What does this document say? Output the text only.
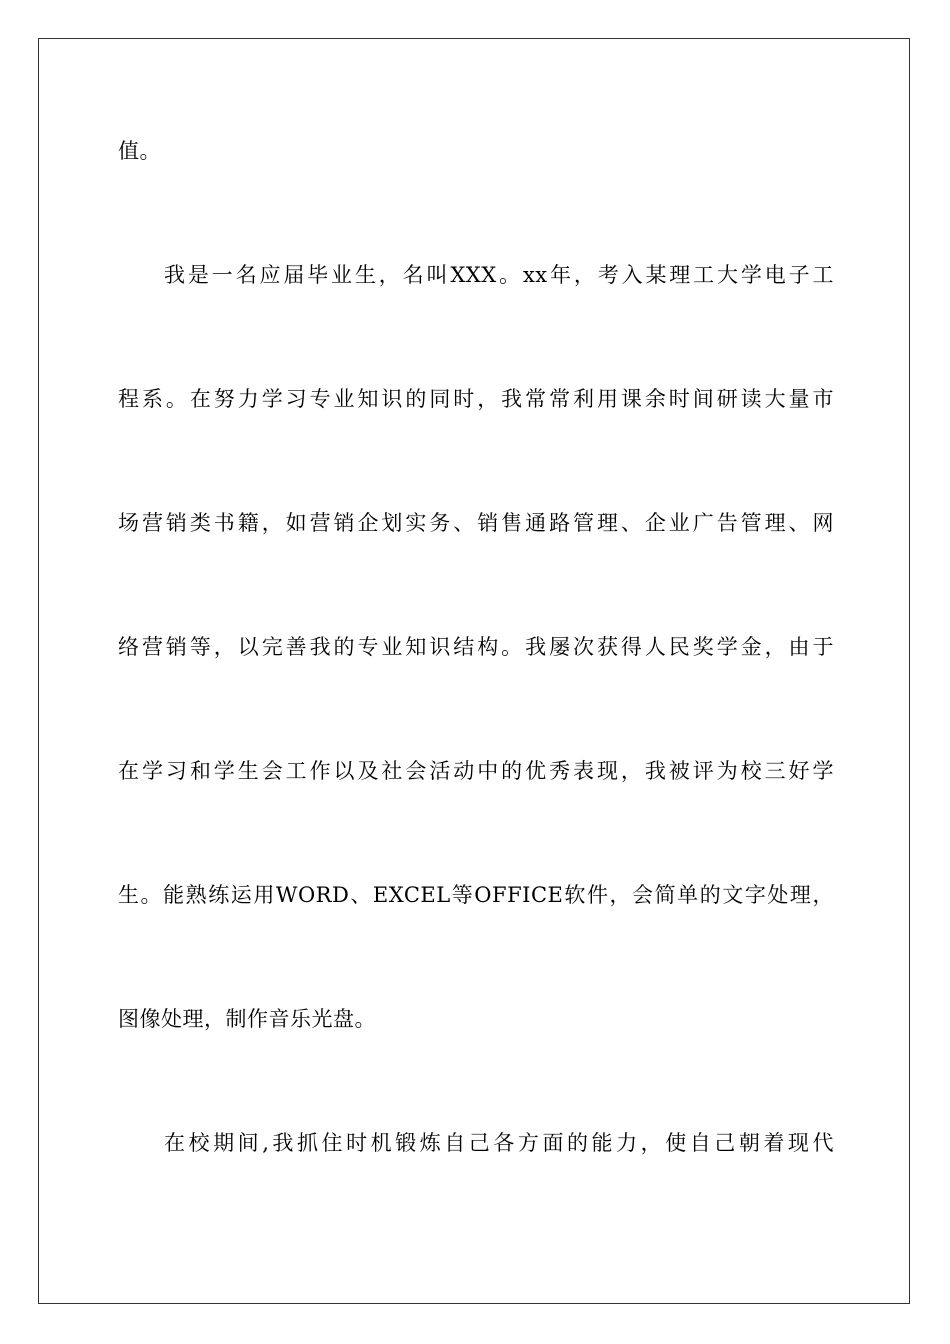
值。
我是一名应届毕业生，名叫XXX。xx年，考入某理工大学电子工
程系。在努力学习专业知识的同时，我常常利用课余时间研读大量市
场营销类书籍，如营销企划实务、销售通路管理、企业广告管理、网
络营销等，以完善我的专业知识结构。我屡次获得人民奖学金，由于
在学习和学生会工作以及社会活动中的优秀表现，我被评为校三好学
生。能熟练运用WORD、EXCEL等OFFICE软件，会简单的文字处理，
图像处理，制作音乐光盘。
在校期间,我抓住时机锻炼自己各方面的能力，使自己朝着现代
